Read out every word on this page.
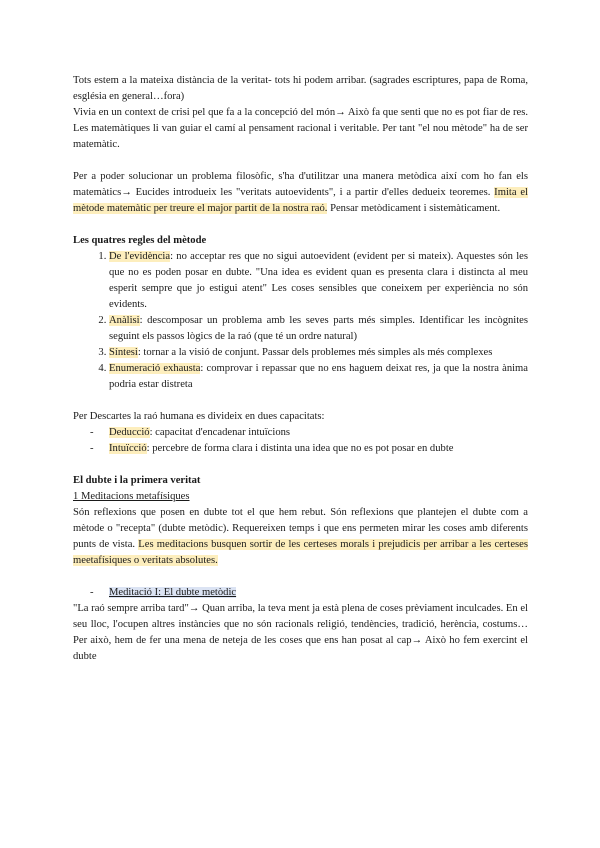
Tots estem a la mateixa distància de la veritat- tots hi podem arribar. (sagrades escriptures, papa de Roma, església en general…fora)

Vivia en un context de crisi pel que fa a la concepció del món→ Això fa que senti que no es pot fiar de res. Les matemàtiques li van guiar el camí al pensament racional i veritable. Per tant "el nou mètode" ha de ser matemàtic.

Per a poder solucionar un problema filosòfic, s'ha d'utilitzar una manera metòdica així com ho fan els matemàtics→ Eucides introdueix les "veritats autoevidents", i a partir d'elles dedueix teoremes. Imita el mètode matemàtic per treure el major partit de la nostra raó. Pensar metòdicament i sistemàticament.

Les quatres regles del mètode
1. De l'evidència: no acceptar res que no sigui autoevident (evident per si mateix). Aquestes són les que no es poden posar en dubte. "Una idea es evident quan es presenta clara i distincta al meu esperit sempre que jo estigui atent" Les coses sensibles que coneixem per experiència no són evidents.
2. Anàlisi: descomposar un problema amb les seves parts més simples. Identificar les incògnites seguint els passos lògics de la raó (que té un ordre natural)
3. Síntesi: tornar a la visió de conjunt. Passar dels problemes més simples als més complexes
4. Enumeració exhausta: comprovar i repassar que no ens haguem deixat res, ja que la nostra ànima podria estar distreta

Per Descartes la raó humana es divideix en dues capacitats:

- Deducció: capacitat d'encadenar intuïcions
- Intuïcció: percebre de forma clara i distinta una idea que no es pot posar en dubte
El dubte i la primera veritat

1 Meditacions metafísiques

Són reflexions que posen en dubte tot el que hem rebut. Són reflexions que plantejen el dubte com a mètode o "recepta" (dubte metòdic). Requereixen temps i que ens permeten mirar les coses amb diferents punts de vista. Les meditacions busquen sortir de les certeses morals i prejudicis per arribar a les certeses meetafísiques o veritats absolutes.

- Meditació I: El dubte metòdic

"La raó sempre arriba tard"→ Quan arriba, la teva ment ja està plena de coses prèviament inculcades. En el seu lloc, l'ocupen altres instàncies que no són racionals religió, tendències, tradició, herència, costums… Per això, hem de fer una mena de neteja de les coses que ens han posat al cap→ Això ho fem exercint el dubte
